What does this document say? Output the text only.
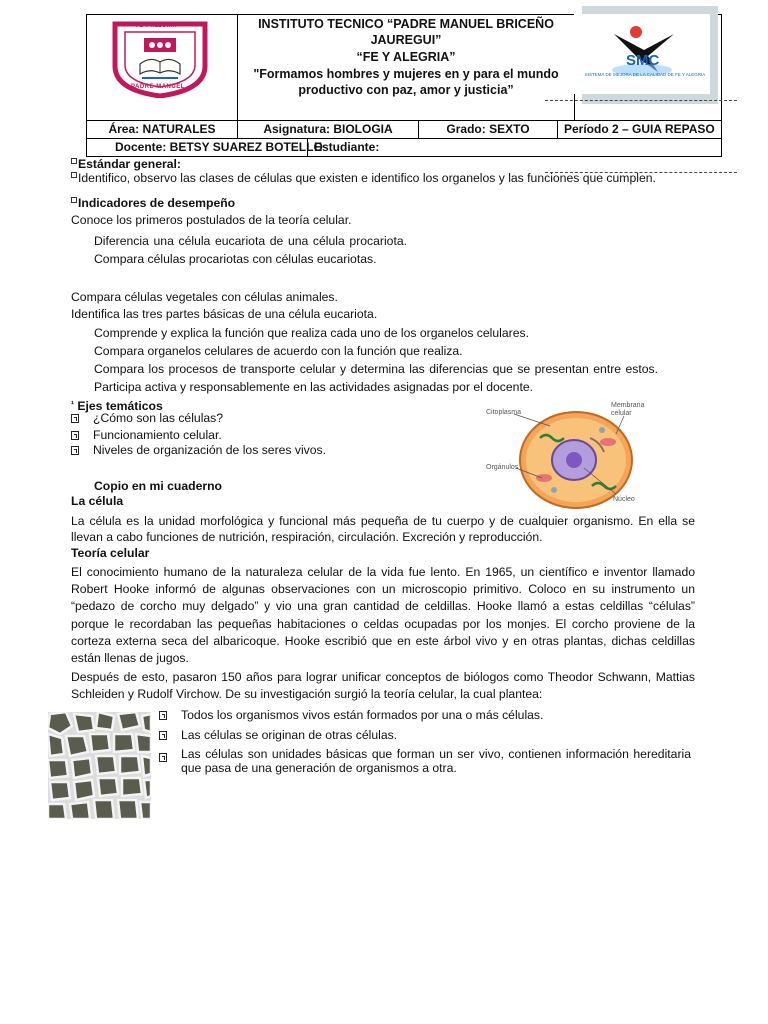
FE Y ALEGRIA
PADRE MANUEL
INSTITUTO TECNICO “PADRE MANUEL BRICEÑO JAUREGUI”
“FE Y ALEGRIA”
"Formamos hombres y mujeres en y para el mundo productivo con paz, amor y justicia”
SMC
SISTEMA DE MEJORA DE LA CALIDAD DE FE Y ALEGRIA
Área: NATURALES	Asignatura: BIOLOGIA	Grado: SEXTO	Período 2 – GUIA REPASO
Docente: BETSY SUAREZ BOTELLO
Estudiante:
Estándar general:
Identifico, observo las clases de células que existen e identifico los organelos y las funciones que cumplen.
Indicadores de desempeño
Conoce los primeros postulados de la teoría celular.
Diferencia una célula eucariota de una célula procariota. Compara células procariotas con células eucariotas.
Compara células vegetales con células animales.
Identifica las tres partes básicas de una célula eucariota.
Comprende y explica la función que realiza cada uno de los organelos celulares.
Compara organelos celulares de acuerdo con la función que realiza.
Compara los procesos de transporte celular y determina las diferencias que se presentan entre estos. Participa activa y responsablemente en las actividades asignadas por el docente.
$^{^1}$ Ejes temáticos
¿Cómo son las células?
Funcionamiento celular.
Niveles de organización de los seres vivos.
Citoplasma
Membrana celular
Orgánulos
Núcleo
Copio en mi cuaderno
La célula
La célula es la unidad morfológica y funcional más pequeña de tu cuerpo y de cualquier organismo. En ella se llevan a cabo funciones de nutrición, respiración, circulación. Excreción y reproducción.
Teoría celular
El conocimiento humano de la naturaleza celular de la vida fue lento. En 1965, un científico e inventor llamado Robert Hooke informó de algunas observaciones con un microscopio primitivo. Coloco en su instrumento un “pedazo de corcho muy delgado” y vio una gran cantidad de celdillas. Hooke llamó a estas celdillas “células” porque le recordaban las pequeñas habitaciones o celdas ocupadas por los monjes. El corcho proviene de la corteza externa seca del albaricoque. Hooke escribió que en este árbol vivo y en otras plantas, dichas celdillas están llenas de jugos.
Después de esto, pasaron 150 años para lograr unificar conceptos de biólogos como Theodor Schwann, Mattias Schleiden y Rudolf Virchow. De su investigación surgió la teoría celular, la cual plantea:
Todos los organismos vivos están formados por una o más células.
Las células se originan de otras células.
Las células son unidades básicas que forman un ser vivo, contienen información hereditaria que pasa de una generación de organismos a otra.
